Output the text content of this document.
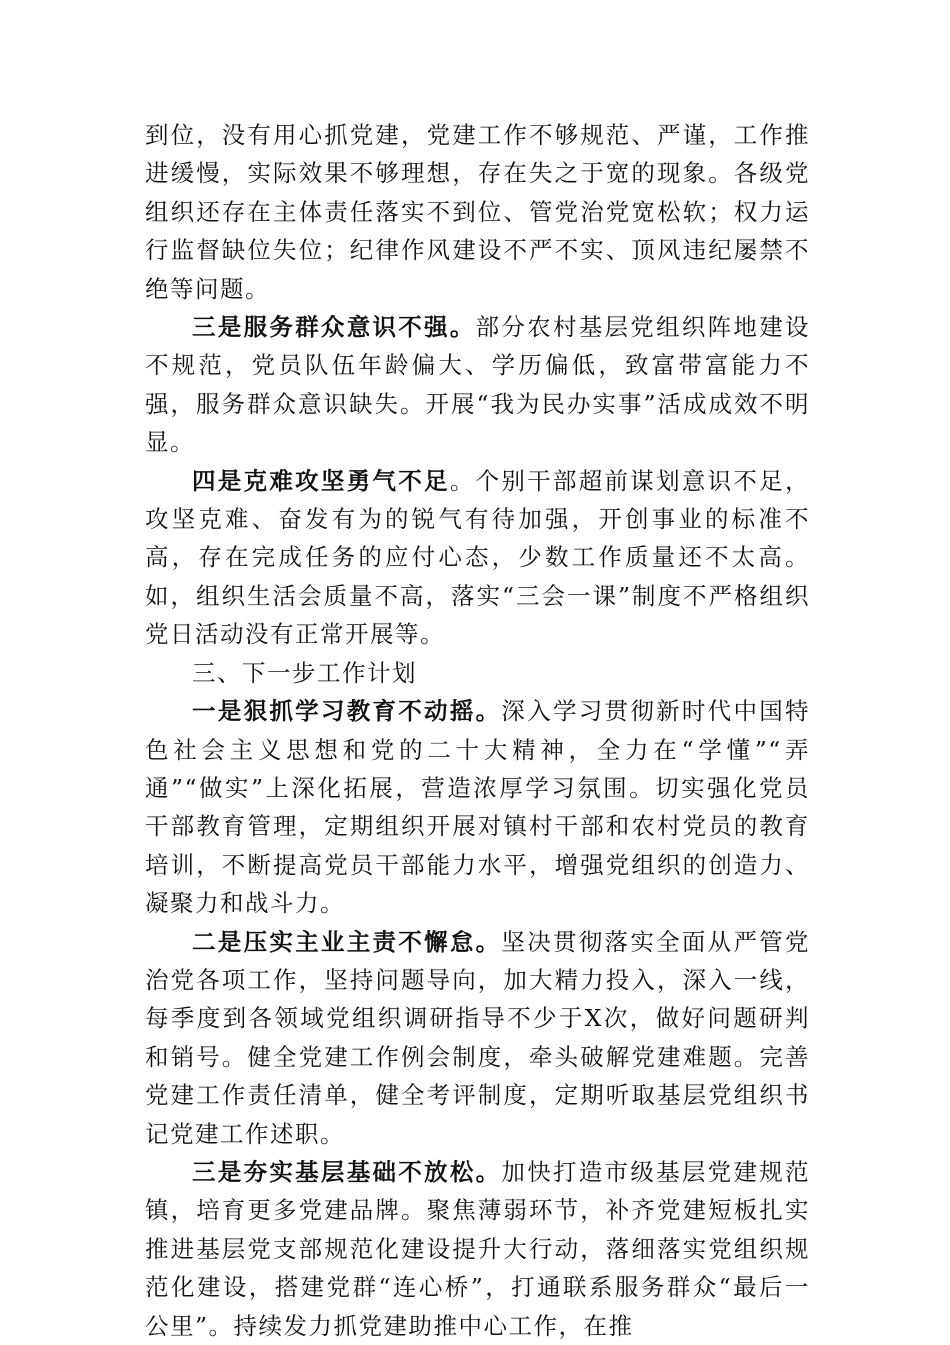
到位，没有用心抓党建，党建工作不够规范、严谨，工作推进缓慢，实际效果不够理想，存在失之于宽的现象。各级党组织还存在主体责任落实不到位、管党治党宽松软；权力运行监督缺位失位；纪律作风建设不严不实、顶风违纪屡禁不绝等问题。

三是服务群众意识不强。部分农村基层党组织阵地建设不规范，党员队伍年龄偏大、学历偏低，致富带富能力不强，服务群众意识缺失。开展“我为民办实事”活成成效不明显。

四是克难攻坚勇气不足。个别干部超前谋划意识不足，攻坚克难、奋发有为的锐气有待加强，开创事业的标准不高，存在完成任务的应付心态，少数工作质量还不太高。如，组织生活会质量不高，落实“三会一课”制度不严格组织党日活动没有正常开展等。

三、下一步工作计划

一是狠抓学习教育不动摇。深入学习贯彻新时代中国特色社会主义思想和党的二十大精神，全力在“学懂”“弄通”“做实”上深化拓展，营造浓厚学习氛围。切实强化党员干部教育管理，定期组织开展对镇村干部和农村党员的教育培训，不断提高党员干部能力水平，增强党组织的创造力、凝聚力和战斗力。

二是压实主业主责不懈怠。坚决贯彻落实全面从严管党治党各项工作，坚持问题导向，加大精力投入，深入一线，每季度到各领域党组织调研指导不少于X次，做好问题研判和销号。健全党建工作例会制度，牵头破解党建难题。完善党建工作责任清单，健全考评制度，定期听取基层党组织书记党建工作述职。

三是夯实基层基础不放松。加快打造市级基层党建规范镇，培育更多党建品牌。聚焦薄弱环节，补齐党建短板扎实推进基层党支部规范化建设提升大行动，落细落实党组织规范化建设，搭建党群“连心桥”，打通联系服务群众“最后一公里”。持续发力抓党建助推中心工作，在推
